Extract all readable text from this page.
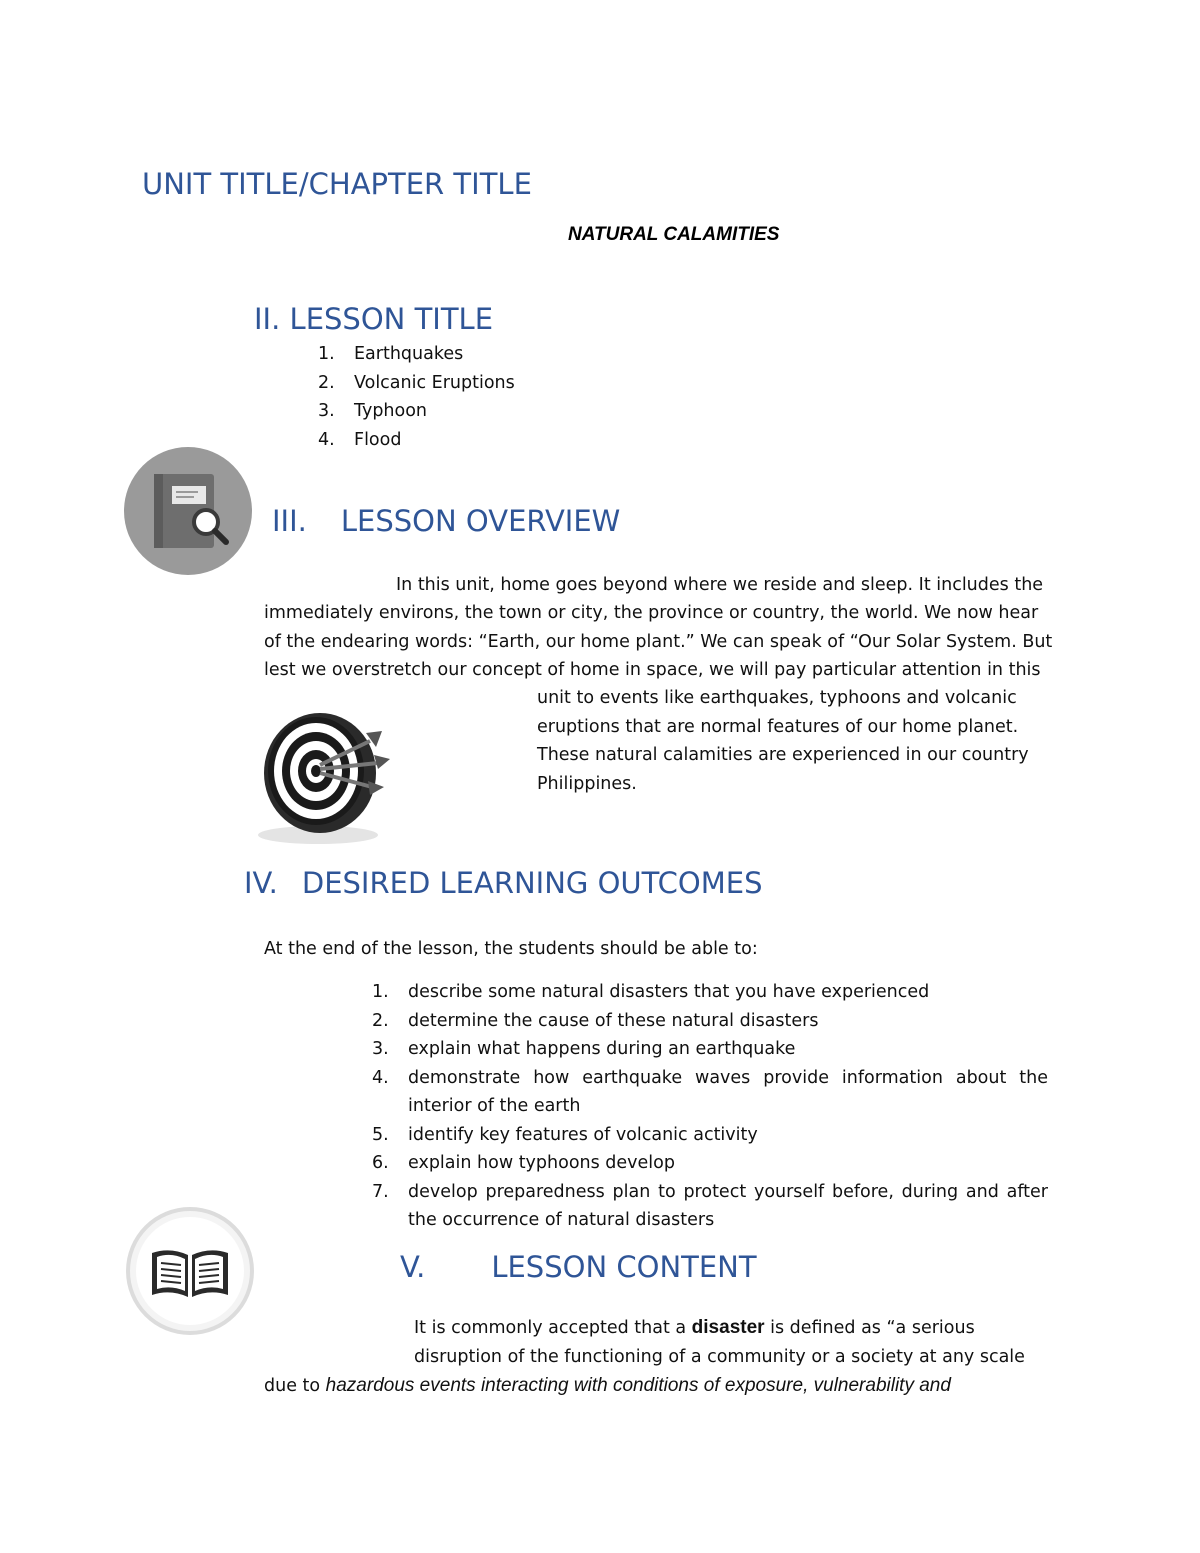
UNIT TITLE/CHAPTER TITLE
NATURAL CALAMITIES
II. LESSON TITLE
1. Earthquakes
2. Volcanic Eruptions
3. Typhoon
4. Flood
III. LESSON OVERVIEW
In this unit, home goes beyond where we reside and sleep. It includes the
immediately environs, the town or city, the province or country, the world. We now hear
of the endearing words: “Earth, our home plant.” We can speak of “Our Solar System. But
lest we overstretch our concept of home in space, we will pay particular attention in this
unit to events like earthquakes, typhoons and volcanic
eruptions that are normal features of our home planet.
These natural calamities are experienced in our country
Philippines.
IV. DESIRED LEARNING OUTCOMES
At the end of the lesson, the students should be able to:
1. describe some natural disasters that you have experienced
2. determine the cause of these natural disasters
3. explain what happens during an earthquake
4. demonstrate how earthquake waves provide information about the
interior of the earth
5. identify key features of volcanic activity
6. explain how typhoons develop
7. develop preparedness plan to protect yourself before, during and after
the occurrence of natural disasters
V. LESSON CONTENT
It is commonly accepted that a disaster is defined as “a serious
disruption of the functioning of a community or a society at any scale
due to hazardous events interacting with conditions of exposure, vulnerability and
